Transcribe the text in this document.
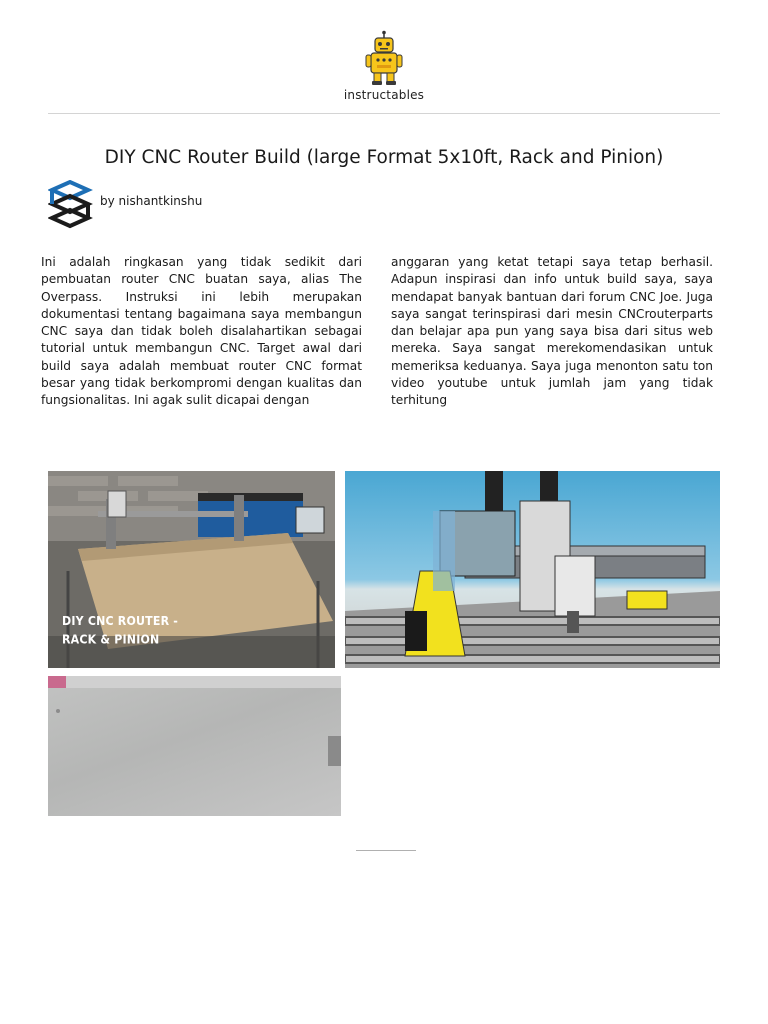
instructables
DIY CNC Router Build (large Format 5x10ft, Rack and Pinion)
by nishantkinshu
Ini adalah ringkasan yang tidak sedikit dari pembuatan router CNC buatan saya, alias The Overpass. Instruksi ini lebih merupakan dokumentasi tentang bagaimana saya membangun CNC saya dan tidak boleh disalahartikan sebagai tutorial untuk membangun CNC. Target awal dari build saya adalah membuat router CNC format besar yang tidak berkompromi dengan kualitas dan fungsionalitas. Ini agak sulit dicapai dengan
anggaran yang ketat tetapi saya tetap berhasil. Adapun inspirasi dan info untuk build saya, saya mendapat banyak bantuan dari forum CNC Joe. Juga saya sangat terinspirasi dari mesin CNCrouterparts dan belajar apa pun yang saya bisa dari situs web mereka. Saya sangat merekomendasikan untuk memeriksa keduanya. Saya juga menonton satu ton video youtube untuk jumlah jam yang tidak terhitung
DIY CNC ROUTER -
RACK & PINION
